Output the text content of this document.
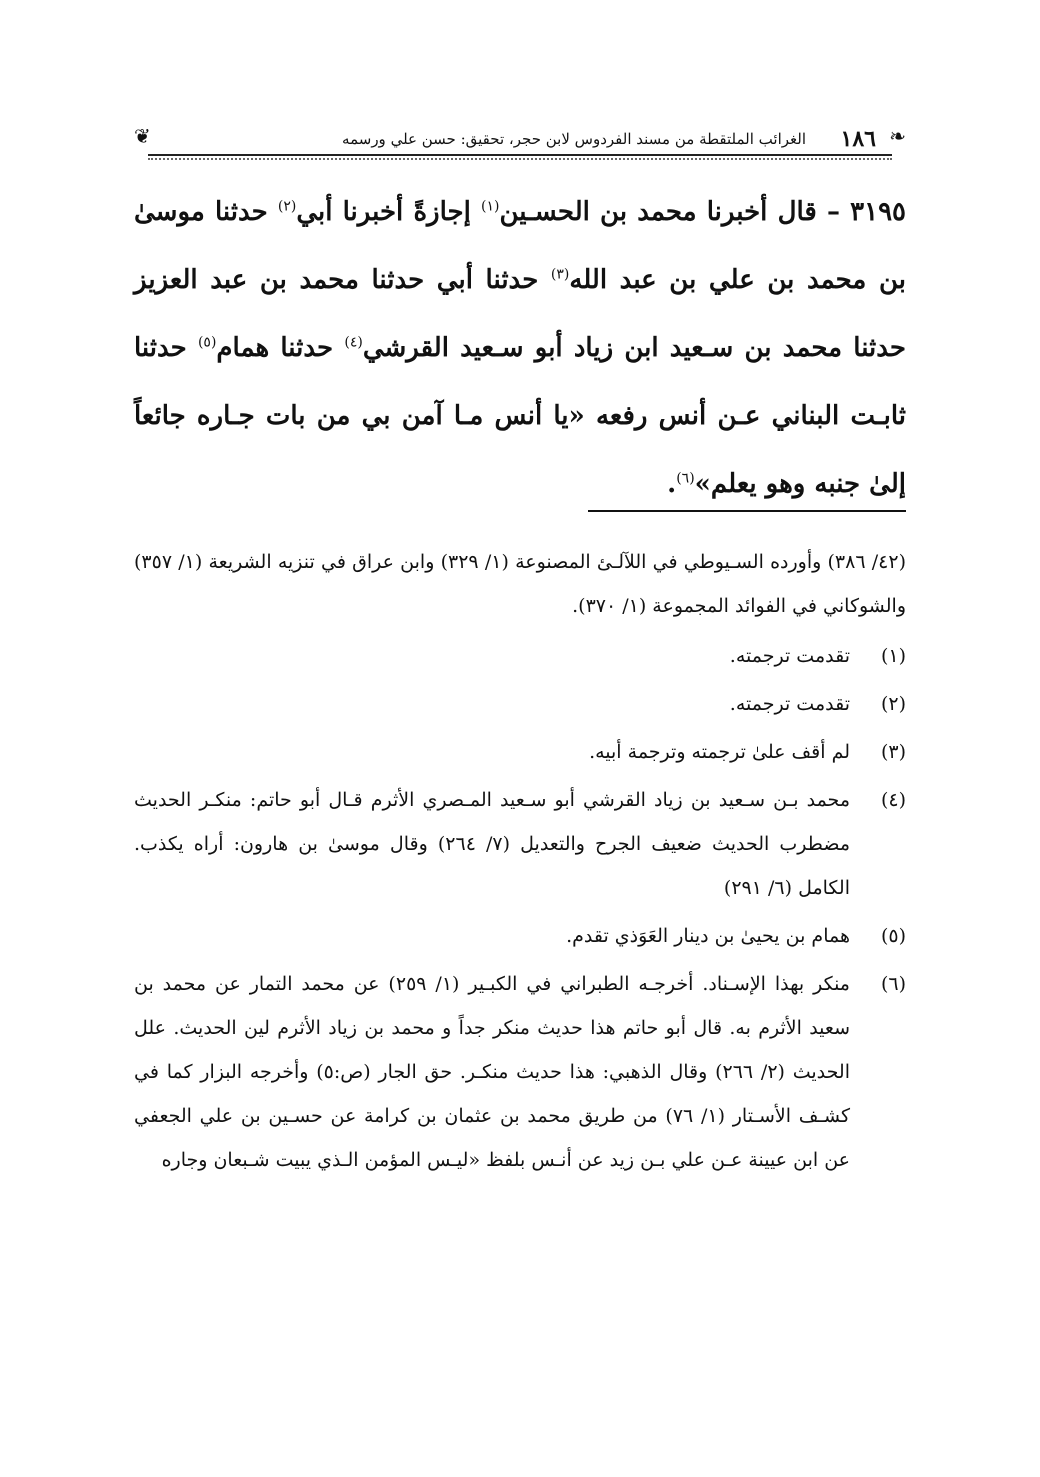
❦	الغرائب الملتقطة من مسند الفردوس لابن حجر، تحقيق: حسن علي ورسمه ١٨٦ ❧

٣١٩٥ – قال أخبرنا محمد بن الحسـين$^{(١)}$ إجازةً أخبرنا أبي$^{(٢)}$ حدثنا موسىٰ بن محمد بن علي بن عبد الله$^{(٣)}$ حدثنا أبي حدثنا محمد بن عبد العزيز حدثنا محمد بن سـعيد ابن زياد أبو سـعيد القرشي$^{(٤)}$ حدثنا همام$^{(٥)}$ حدثنا ثابـت البناني عـن أنس رفعه «يا أنس مـا آمن بي من بات جـاره جائعاً إلىٰ جنبه وهو يعلم»$^{(٦)}$.

(٤٢/ ٣٨٦) وأورده السـيوطي في اللآلـئ المصنوعة (١/ ٣٢٩) وابن عراق في تنزيه الشريعة (١/ ٣٥٧) والشوكاني في الفوائد المجموعة (١/ ٣٧٠).

(١)
تقدمت ترجمته.
(٢)
تقدمت ترجمته.
(٣)
لم أقف علىٰ ترجمته وترجمة أبيه.
(٤)
محمد بـن سـعيد بن زياد القرشي أبو سـعيد المـصري الأثرم قـال أبو حاتم: منكـر الحديث مضطرب الحديث ضعيف الجرح والتعديل (٧/ ٢٦٤) وقال موسىٰ بن هارون: أراه يكذب. الكامل (٦/ ٢٩١)
(٥)
همام بن يحيىٰ بن دينار العَوَذي تقدم.
(٦)
منكر بهذا الإسـناد. أخرجـه الطبراني في الكبـير (١/ ٢٥٩) عن محمد التمار عن محمد بن سعيد الأثرم به. قال أبو حاتم هذا حديث منكر جداً و محمد بن زياد الأثرم لين الحديث. علل الحديث (٢/ ٢٦٦) وقال الذهبي: هذا حديث منكـر. حق الجار (ص:٥) وأخرجه البزار كما في كشـف الأسـتار (١/ ٧٦) من طريق محمد بن عثمان بن كرامة عن حسـين بن علي الجعفي عن ابن عيينة عـن علي بـن زيد عن أنـس بلفظ «ليـس المؤمن الـذي يبيت شـبعان وجاره
